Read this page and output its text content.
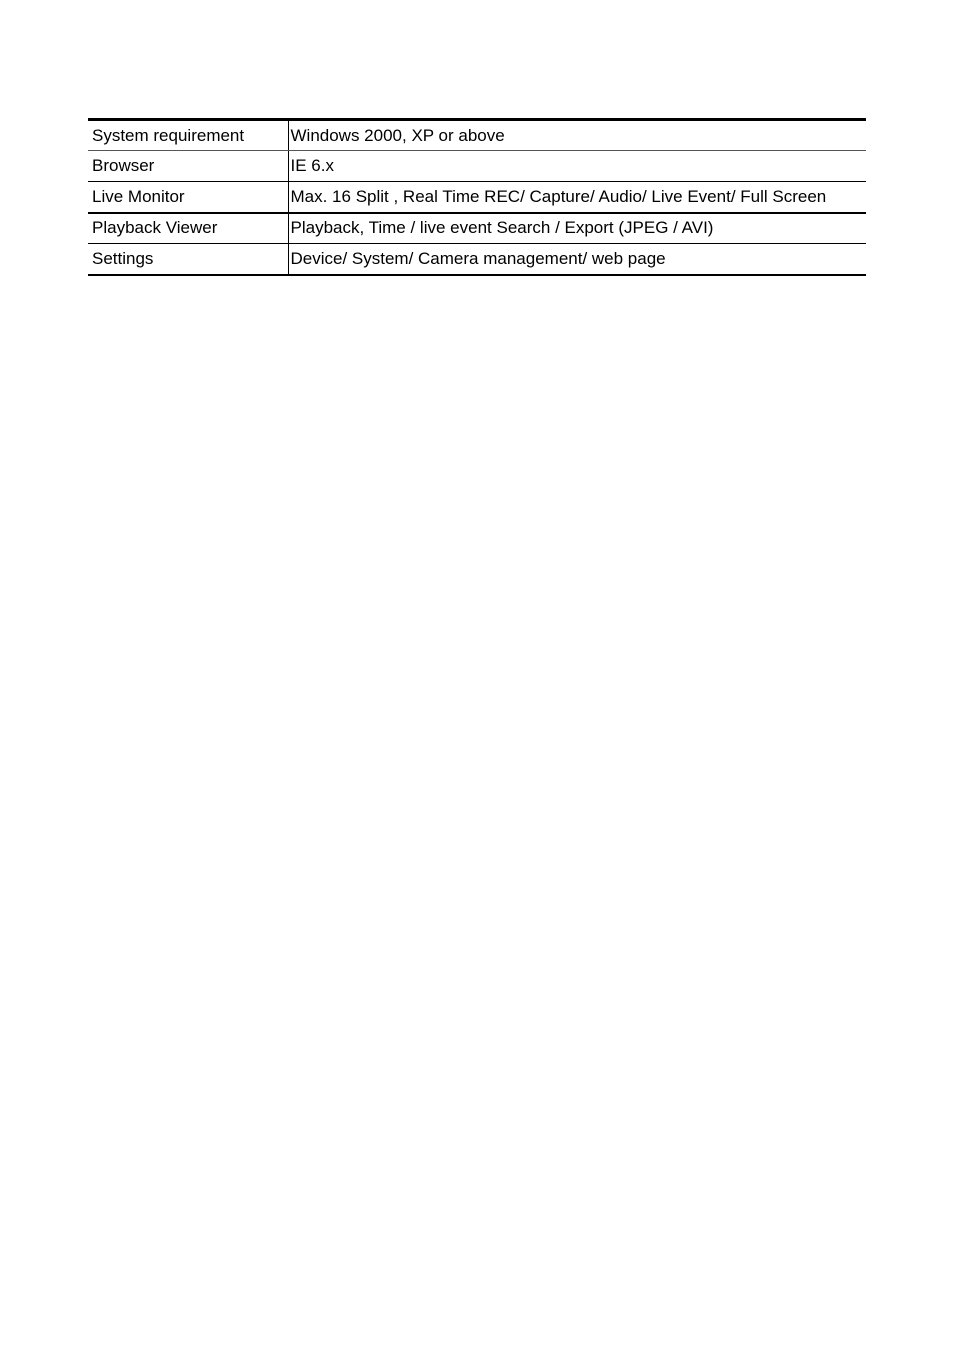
System requirement	Windows 2000, XP or above
Browser	IE 6.x
Live Monitor	Max. 16 Split , Real Time REC/ Capture/ Audio/ Live Event/ Full Screen
Playback Viewer	Playback, Time / live event Search / Export (JPEG / AVI)
Settings	Device/ System/ Camera management/ web page
